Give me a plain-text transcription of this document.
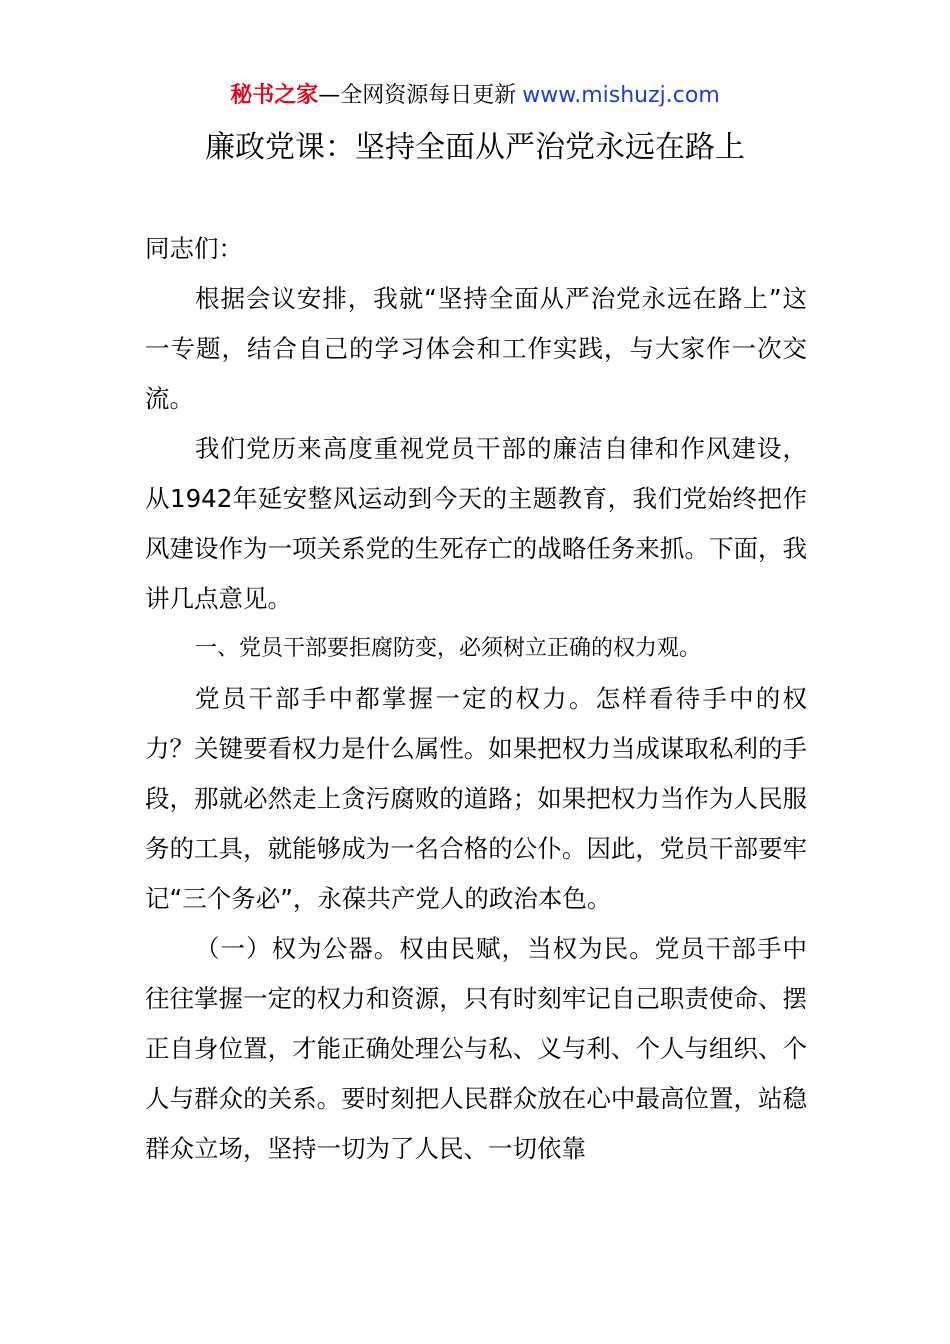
秘书之家—全网资源每日更新 www.mishuzj.com
廉政党课：坚持全面从严治党永远在路上

同志们：

根据会议安排，我就“坚持全面从严治党永远在路上”这一专题，结合自己的学习体会和工作实践，与大家作一次交流。

我们党历来高度重视党员干部的廉洁自律和作风建设，从1942年延安整风运动到今天的主题教育，我们党始终把作风建设作为一项关系党的生死存亡的战略任务来抓。下面，我讲几点意见。

一、党员干部要拒腐防变，必须树立正确的权力观。

党员干部手中都掌握一定的权力。怎样看待手中的权力？关键要看权力是什么属性。如果把权力当成谋取私利的手段，那就必然走上贪污腐败的道路；如果把权力当作为人民服务的工具，就能够成为一名合格的公仆。因此，党员干部要牢记“三个务必”，永葆共产党人的政治本色。

（一）权为公器。权由民赋，当权为民。党员干部手中往往掌握一定的权力和资源，只有时刻牢记自己职责使命、摆正自身位置，才能正确处理公与私、义与利、个人与组织、个人与群众的关系。要时刻把人民群众放在心中最高位置，站稳群众立场，坚持一切为了人民、一切依靠
